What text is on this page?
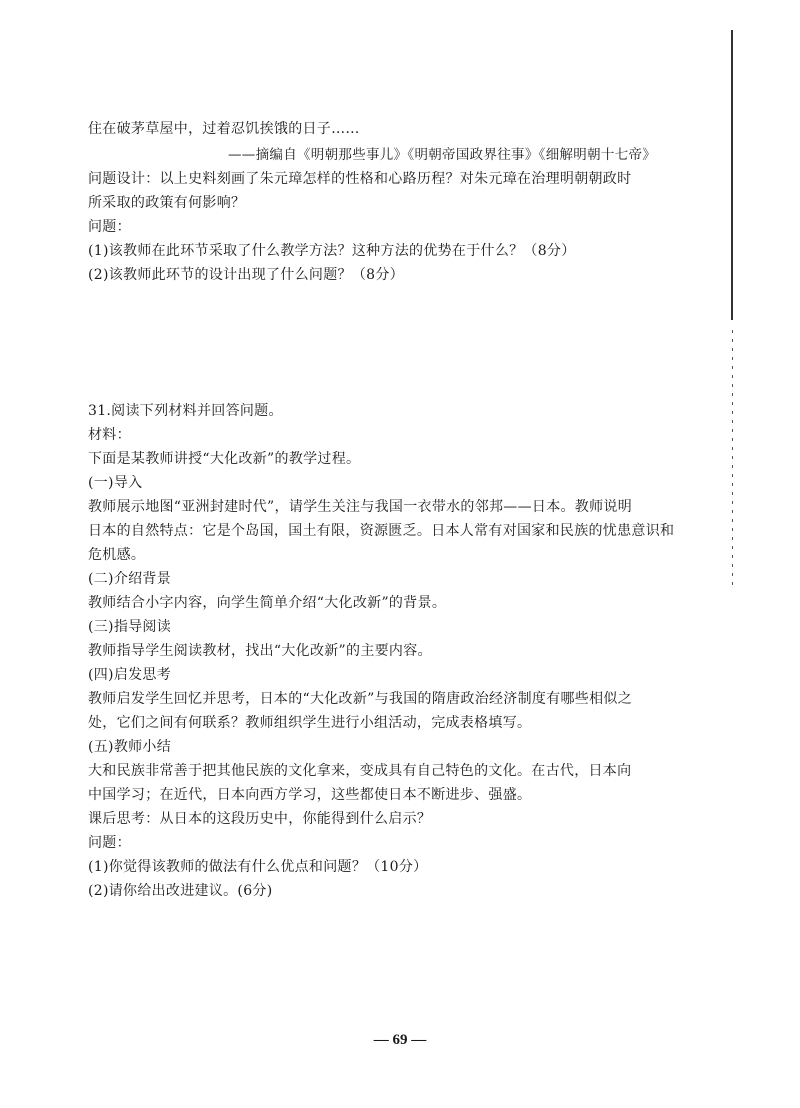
住在破茅草屋中，过着忍饥挨饿的日子……
——摘编自《明朝那些事儿》《明朝帝国政界往事》《细解明朝十七帝》
问题设计：以上史料刻画了朱元璋怎样的性格和心路历程？对朱元璋在治理明朝朝政时
所采取的政策有何影响？
问题：
(1)该教师在此环节采取了什么教学方法？这种方法的优势在于什么？（8分）
(2)该教师此环节的设计出现了什么问题？（8分）
31.阅读下列材料并回答问题。
材料：
下面是某教师讲授“大化改新”的教学过程。
(一)导入
教师展示地图“亚洲封建时代”，请学生关注与我国一衣带水的邻邦——日本。教师说明
日本的自然特点：它是个岛国，国土有限，资源匮乏。日本人常有对国家和民族的忧患意识和
危机感。
(二)介绍背景
教师结合小字内容，向学生简单介绍“大化改新”的背景。
(三)指导阅读
教师指导学生阅读教材，找出“大化改新”的主要内容。
(四)启发思考
教师启发学生回忆并思考，日本的“大化改新”与我国的隋唐政治经济制度有哪些相似之
处，它们之间有何联系？教师组织学生进行小组活动，完成表格填写。
(五)教师小结
大和民族非常善于把其他民族的文化拿来，变成具有自己特色的文化。在古代，日本向
中国学习；在近代，日本向西方学习，这些都使日本不断进步、强盛。
课后思考：从日本的这段历史中，你能得到什么启示？
问题：
(1)你觉得该教师的做法有什么优点和问题？（10分）
(2)请你给出改进建议。(6分)
— 69 —
